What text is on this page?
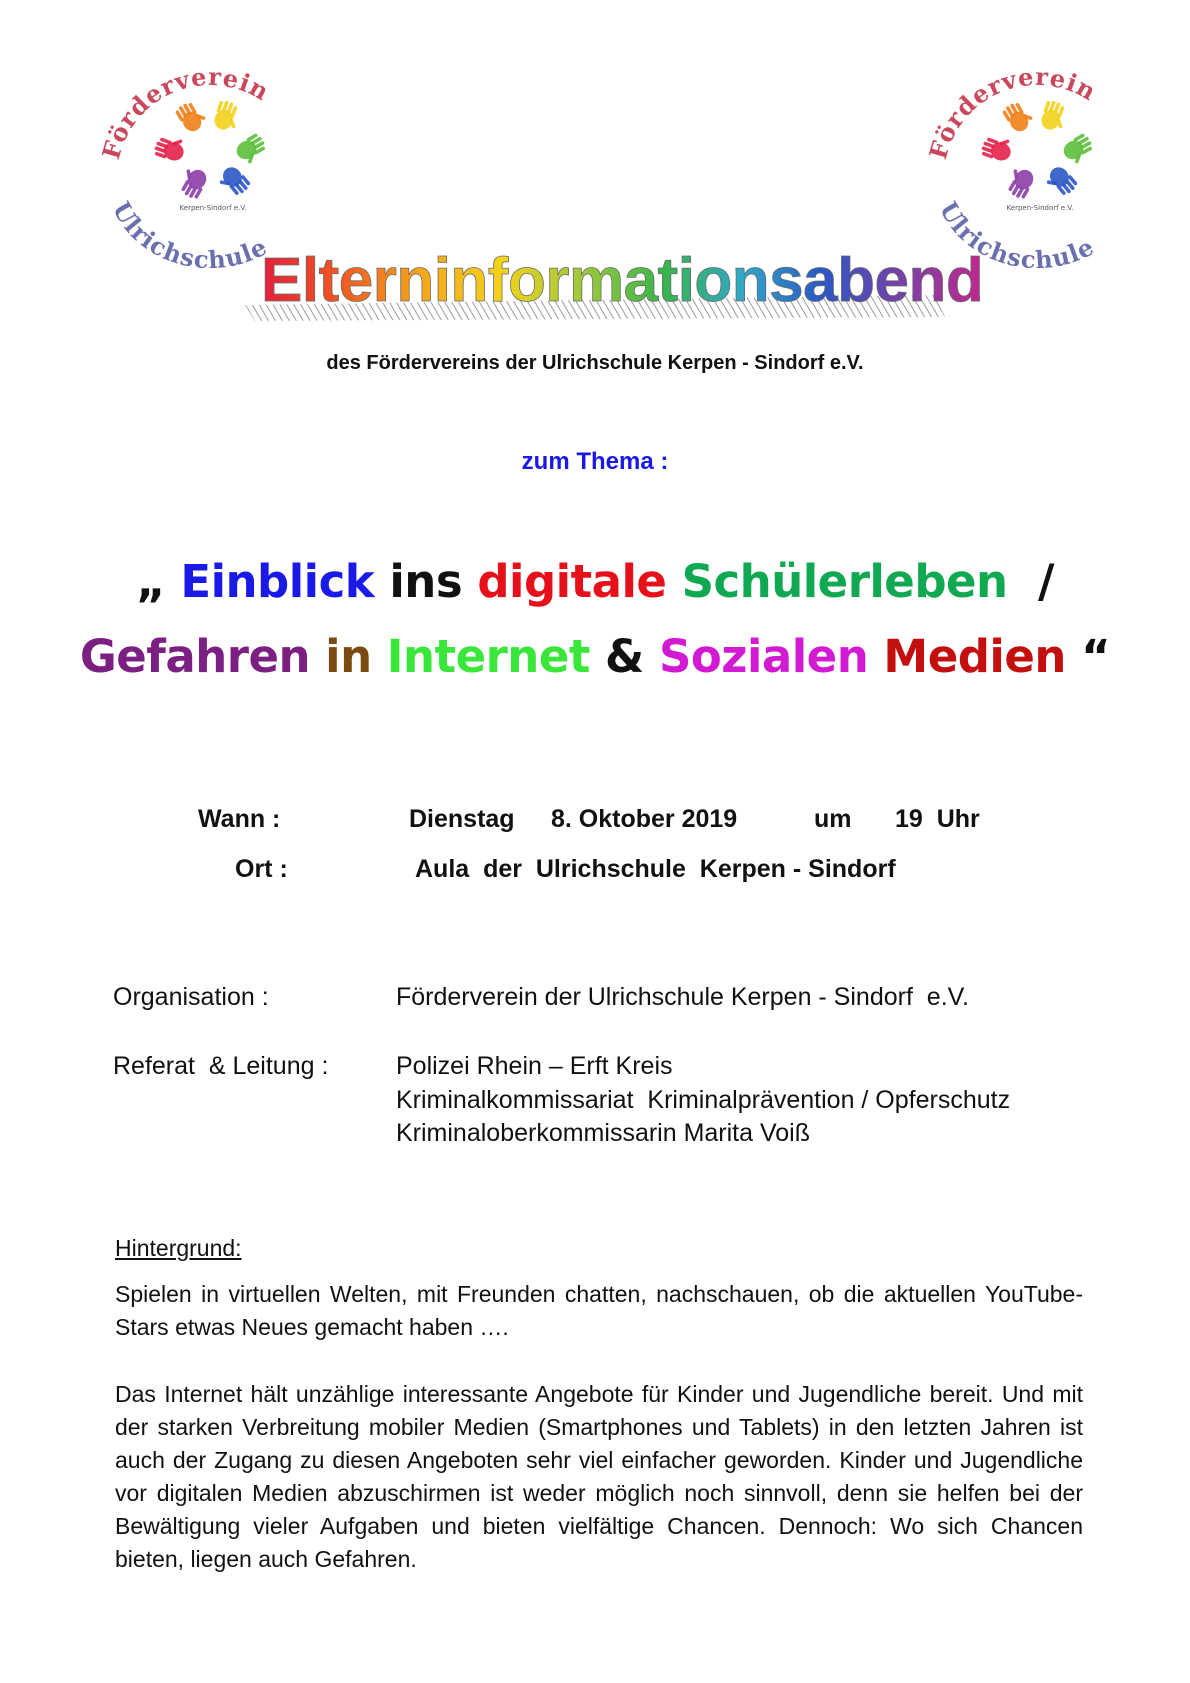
Förderverein
Ulrichschule
Kerpen-Sindorf e.V.
Förderverein
Ulrichschule
Kerpen-Sindorf e.V.
Elterninformationsabend
des Fördervereins der Ulrichschule Kerpen - Sindorf e.V.
zum Thema :
„ Einblick ins digitale Schülerleben  /
Gefahren in Internet & Sozialen Medien “
Wann :	Dienstag 8. Oktober 2019	um 19  Uhr
Ort :	Aula  der  Ulrichschule  Kerpen - Sindorf
Organisation :	Förderverein der Ulrichschule Kerpen - Sindorf  e.V.
Referat  & Leitung :	Polizei Rhein – Erft Kreis
Kriminalkommissariat  Kriminalprävention / Opferschutz
Kriminaloberkommissarin Marita Voiß
Hintergrund:
Spielen in virtuellen Welten, mit Freunden chatten, nachschauen, ob die aktuellen YouTube-Stars etwas Neues gemacht haben ….
Das Internet hält unzählige interessante Angebote für Kinder und Jugendliche bereit. Und mit der starken Verbreitung mobiler Medien (Smartphones und Tablets) in den letzten Jahren ist auch der Zugang zu diesen Angeboten sehr viel einfacher geworden. Kinder und Jugendliche vor digitalen Medien abzuschirmen ist weder möglich noch sinnvoll, denn sie helfen bei der Bewältigung vieler Aufgaben und bieten vielfältige Chancen. Dennoch: Wo sich Chancen bieten, liegen auch Gefahren.
